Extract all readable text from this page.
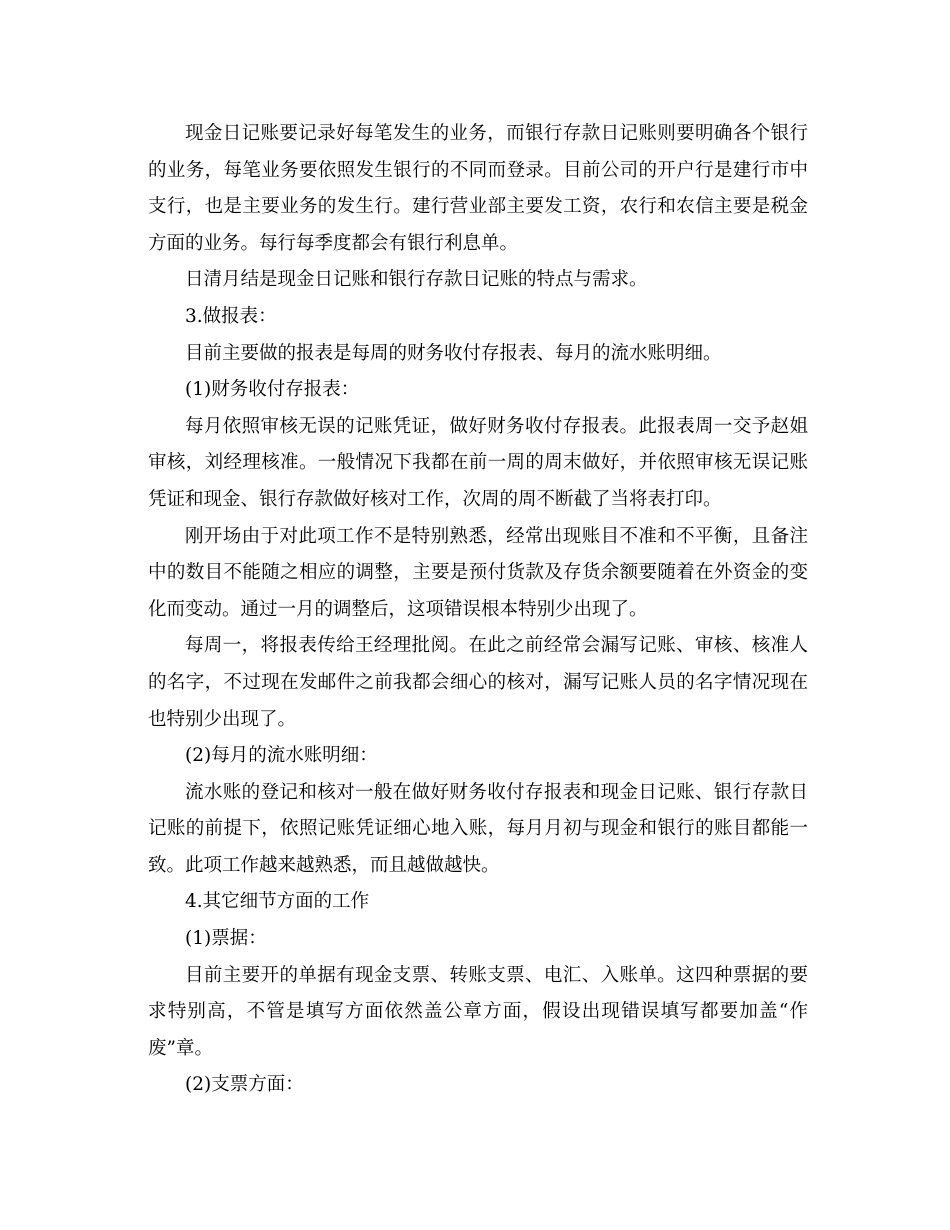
现金日记账要记录好每笔发生的业务，而银行存款日记账则要明确各个银行的业务，每笔业务要依照发生银行的不同而登录。目前公司的开户行是建行市中支行，也是主要业务的发生行。建行营业部主要发工资，农行和农信主要是税金方面的业务。每行每季度都会有银行利息单。

日清月结是现金日记账和银行存款日记账的特点与需求。

3.做报表：

目前主要做的报表是每周的财务收付存报表、每月的流水账明细。

(1)财务收付存报表：

每月依照审核无误的记账凭证，做好财务收付存报表。此报表周一交予赵姐审核，刘经理核准。一般情况下我都在前一周的周末做好，并依照审核无误记账凭证和现金、银行存款做好核对工作，次周的周不断截了当将表打印。

刚开场由于对此项工作不是特别熟悉，经常出现账目不准和不平衡，且备注中的数目不能随之相应的调整，主要是预付货款及存货余额要随着在外资金的变化而变动。通过一月的调整后，这项错误根本特别少出现了。

每周一，将报表传给王经理批阅。在此之前经常会漏写记账、审核、核准人的名字，不过现在发邮件之前我都会细心的核对，漏写记账人员的名字情况现在也特别少出现了。

(2)每月的流水账明细：

流水账的登记和核对一般在做好财务收付存报表和现金日记账、银行存款日记账的前提下，依照记账凭证细心地入账，每月月初与现金和银行的账目都能一致。此项工作越来越熟悉，而且越做越快。

4.其它细节方面的工作

(1)票据：

目前主要开的单据有现金支票、转账支票、电汇、入账单。这四种票据的要求特别高，不管是填写方面依然盖公章方面，假设出现错误填写都要加盖“作废”章。

(2)支票方面：
